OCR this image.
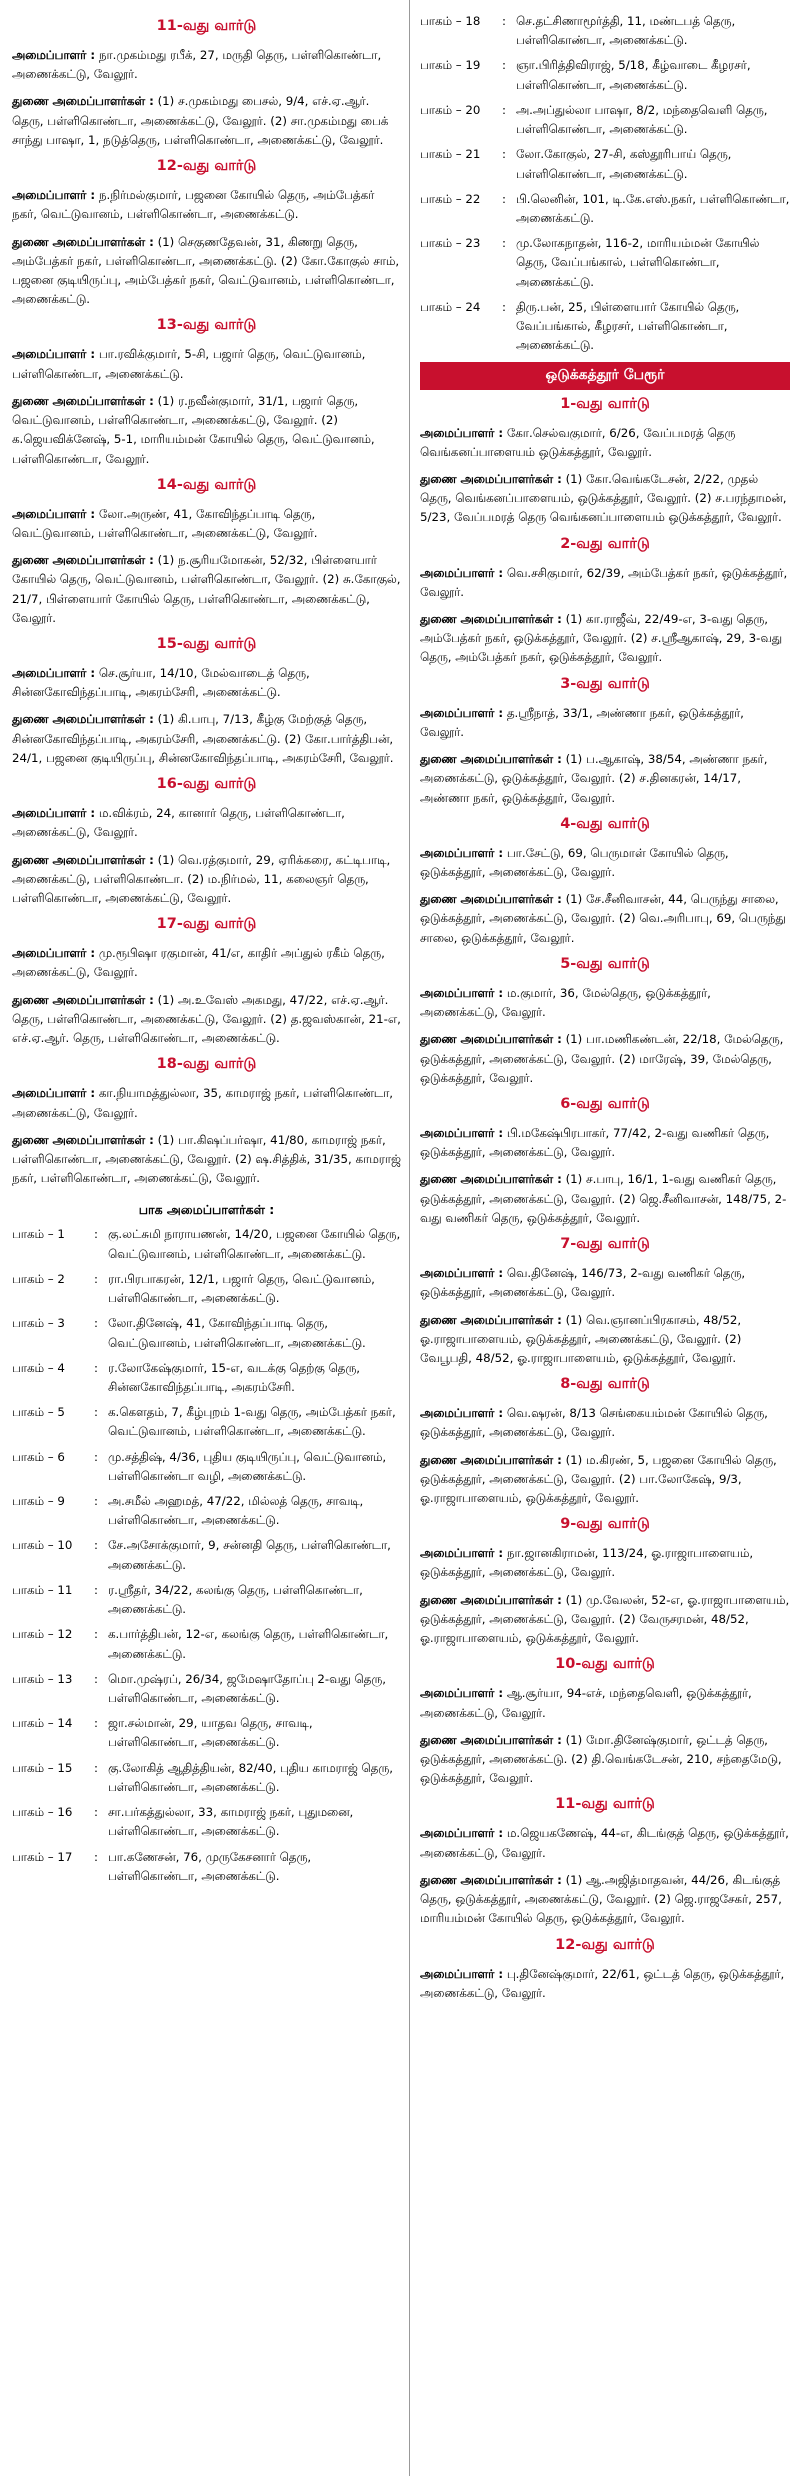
11-வது வார்டு
அமைப்பாளர் : நா.முகம்மது ரபீக், 27, மருதி தெரு, பள்ளிகொண்டா, அணைக்கட்டு, வேலூர்.
துணை அமைப்பாளர்கள் : (1) ச.முகம்மது பைசல், 9/4, எச்.ஏ.ஆர். தெரு, பள்ளிகொண்டா, அணைக்கட்டு, வேலூர். (2) சா.முகம்மது பைக் சாந்து பாஷா, 1, நடுத்தெரு, பள்ளிகொண்டா, அணைக்கட்டு, வேலூர்.
12-வது வார்டு
அமைப்பாளர் : ந.நிர்மல்குமார், பஜனை கோயில் தெரு, அம்பேத்கர் நகர், வெட்டுவானம், பள்ளிகொண்டா, அணைக்கட்டு.
துணை அமைப்பாளர்கள் : (1) செகுணதேவன், 31, கிணறு தெரு, அம்பேத்கர் நகர், பள்ளிகொண்டா, அணைக்கட்டு. (2) கோ.கோகுல் சாம், பஜனை குடியிருப்பு, அம்பேத்கர் நகர், வெட்டுவானம், பள்ளிகொண்டா, அணைக்கட்டு.
13-வது வார்டு
அமைப்பாளர் : பா.ரவிக்குமார், 5-சி, பஜார் தெரு, வெட்டுவானம், பள்ளிகொண்டா, அணைக்கட்டு.
துணை அமைப்பாளர்கள் : (1) ர.நவீன்குமார், 31/1, பஜார் தெரு, வெட்டுவானம், பள்ளிகொண்டா, அணைக்கட்டு, வேலூர். (2) க.ஜெயவிக்னேஷ், 5-1, மாரியம்மன் கோயில் தெரு, வெட்டுவானம், பள்ளிகொண்டா, வேலூர்.
14-வது வார்டு
அமைப்பாளர் : லோ.அருண், 41, கோவிந்தப்பாடி தெரு, வெட்டுவானம், பள்ளிகொண்டா, அணைக்கட்டு, வேலூர்.
துணை அமைப்பாளர்கள் : (1) ந.சூரியமோகன், 52/32, பிள்ளையார் கோயில் தெரு, வெட்டுவானம், பள்ளிகொண்டா, வேலூர். (2) சு.கோகுல், 21/7, பிள்ளையார் கோயில் தெரு, பள்ளிகொண்டா, அணைக்கட்டு, வேலூர்.
15-வது வார்டு
அமைப்பாளர் : செ.சூர்யா, 14/10, மேல்வாடைத் தெரு, சின்னகோவிந்தப்பாடி, அகரம்சேரி, அணைக்கட்டு.
துணை அமைப்பாளர்கள் : (1) கி.பாபு, 7/13, கீழ்கு மேற்குத் தெரு, சின்னகோவிந்தப்பாடி, அகரம்சேரி, அணைக்கட்டு. (2) கோ.பார்த்திபன், 24/1, பஜனை குடியிருப்பு, சின்னகோவிந்தப்பாடி, அகரம்சேரி, வேலூர்.
16-வது வார்டு
அமைப்பாளர் : ம.விக்ரம், 24, கானார் தெரு, பள்ளிகொண்டா, அணைக்கட்டு, வேலூர்.
துணை அமைப்பாளர்கள் : (1) வெ.ரத்குமார், 29, ஏரிக்கரை, கட்டிபாடி, அணைக்கட்டு, பள்ளிகொண்டா. (2) ம.நிர்மல், 11, கலைஞர் தெரு, பள்ளிகொண்டா, அணைக்கட்டு, வேலூர்.
17-வது வார்டு
அமைப்பாளர் : மு.ரூபிஷா ரகுமான், 41/எ, காதிர் அப்துல் ரகீம் தெரு, அணைக்கட்டு, வேலூர்.
துணை அமைப்பாளர்கள் : (1) அ.உவேஸ் அகமது, 47/22, எச்.ஏ.ஆர். தெரு, பள்ளிகொண்டா, அணைக்கட்டு, வேலூர். (2) த.ஜவஸ்கான், 21-எ, எச்.ஏ.ஆர். தெரு, பள்ளிகொண்டா, அணைக்கட்டு.
18-வது வார்டு
அமைப்பாளர் : கா.நியாமத்துல்லா, 35, காமராஜ் நகர், பள்ளிகொண்டா, அணைக்கட்டு, வேலூர்.
துணை அமைப்பாளர்கள் : (1) பா.கிஷப்பர்ஷா, 41/80, காமராஜ் நகர், பள்ளிகொண்டா, அணைக்கட்டு, வேலூர். (2) ஷ.சித்திக், 31/35, காமராஜ் நகர், பள்ளிகொண்டா, அணைக்கட்டு, வேலூர்.
பாக அமைப்பாளர்கள் :
பாகம் – 1	: கு.லட்சுமி நாராயணன், 14/20, பஜனை கோயில் தெரு, வெட்டுவானம், பள்ளிகொண்டா, அணைக்கட்டு.
பாகம் – 2	: ரா.பிரபாகரன், 12/1, பஜார் தெரு, வெட்டுவானம், பள்ளிகொண்டா, அணைக்கட்டு.
பாகம் – 3	: லோ.தினேஷ், 41, கோவிந்தப்பாடி தெரு, வெட்டுவானம், பள்ளிகொண்டா, அணைக்கட்டு.
பாகம் – 4	: ர.லோகேஷ்குமார், 15-எ, வடக்கு தெற்கு தெரு, சின்னகோவிந்தப்பாடி, அகரம்சேரி.
பாகம் – 5	: க.கௌதம், 7, கீழ்புறம் 1-வது தெரு, அம்பேத்கர் நகர், வெட்டுவானம், பள்ளிகொண்டா, அணைக்கட்டு.
பாகம் – 6	: மு.சத்திஷ், 4/36, புதிய குடியிருப்பு, வெட்டுவானம், பள்ளிகொண்டா வழி, அணைக்கட்டு.
பாகம் – 9	: அ.சமீல் அஹமத், 47/22, மில்லத் தெரு, சாவடி, பள்ளிகொண்டா, அணைக்கட்டு.
பாகம் – 10	: சே.அசோக்குமார், 9, சன்னதி தெரு, பள்ளிகொண்டா, அணைக்கட்டு.
பாகம் – 11	: ர.ஸ்ரீதர், 34/22, கலங்கு தெரு, பள்ளிகொண்டா, அணைக்கட்டு.
பாகம் – 12	: க.பார்த்திபன், 12-எ, கலங்கு தெரு, பள்ளிகொண்டா, அணைக்கட்டு.
பாகம் – 13	: மொ.முஷ்ரப், 26/34, ஜமேஷாதோப்பு 2-வது தெரு, பள்ளிகொண்டா, அணைக்கட்டு.
பாகம் – 14	: ஜா.சல்மான், 29, யாதவ தெரு, சாவடி, பள்ளிகொண்டா, அணைக்கட்டு.
பாகம் – 15	: கு.லோகித் ஆதித்தியன், 82/40, புதிய காமராஜ் தெரு, பள்ளிகொண்டா, அணைக்கட்டு.
பாகம் – 16	: சா.பர்கத்துல்லா, 33, காமராஜ் நகர், புதுமனை, பள்ளிகொண்டா, அணைக்கட்டு.
பாகம் – 17	: பா.கணேசன், 76, முருகேசனார் தெரு, பள்ளிகொண்டா, அணைக்கட்டு.
பாகம் – 18	: செ.தட்சிணாமூர்த்தி, 11, மண்டபத் தெரு, பள்ளிகொண்டா, அணைக்கட்டு.
பாகம் – 19	: ஞா.பிரித்திவிராஜ், 5/18, கீழ்வாடை கீழரசர், பள்ளிகொண்டா, அணைக்கட்டு.
பாகம் – 20	: அ.அப்துல்லா பாஷா, 8/2, மந்தைவெளி தெரு, பள்ளிகொண்டா, அணைக்கட்டு.
பாகம் – 21	: லோ.கோகுல், 27-சி, கஸ்தூரிபாய் தெரு, பள்ளிகொண்டா, அணைக்கட்டு.
பாகம் – 22	: பி.லெனின், 101, டி.கே.எஸ்.நகர், பள்ளிகொண்டா, அணைக்கட்டு.
பாகம் – 23	: மு.லோகநாதன், 116-2, மாரியம்மன் கோயில் தெரு, வேப்பங்கால், பள்ளிகொண்டா, அணைக்கட்டு.
பாகம் – 24	: திரு.பன், 25, பிள்ளையார் கோயில் தெரு, வேப்பங்கால், கீழரசர், பள்ளிகொண்டா, அணைக்கட்டு.
ஒடுக்கத்தூர் பேரூர்
1-வது வார்டு
அமைப்பாளர் : கோ.செல்வகுமார், 6/26, வேப்பமரத் தெரு வெங்கனப்பாளையம் ஒடுக்கத்தூர், வேலூர்.
துணை அமைப்பாளர்கள் : (1) கோ.வெங்கடேசன், 2/22, முதல் தெரு, வெங்கனப்பாளையம், ஒடுக்கத்தூர், வேலூர். (2) ச.பரந்தாமன், 5/23, வேப்பமரத் தெரு வெங்கனப்பாளையம் ஒடுக்கத்தூர், வேலூர்.
2-வது வார்டு
அமைப்பாளர் : வெ.சசிகுமார், 62/39, அம்பேத்கர் நகர், ஒடுக்கத்தூர், வேலூர்.
துணை அமைப்பாளர்கள் : (1) கா.ராஜீவ், 22/49-எ, 3-வது தெரு, அம்பேத்கர் நகர், ஒடுக்கத்தூர், வேலூர். (2) ச.ஸ்ரீஆகாஷ், 29, 3-வது தெரு, அம்பேத்கர் நகர், ஒடுக்கத்தூர், வேலூர்.
3-வது வார்டு
அமைப்பாளர் : த.ஸ்ரீநாத், 33/1, அண்ணா நகர், ஒடுக்கத்தூர், வேலூர்.
துணை அமைப்பாளர்கள் : (1) ப.ஆகாஷ், 38/54, அண்ணா நகர், அணைக்கட்டு, ஒடுக்கத்தூர், வேலூர். (2) ச.தினகரன், 14/17, அண்ணா நகர், ஒடுக்கத்தூர், வேலூர்.
4-வது வார்டு
அமைப்பாளர் : பா.சேட்டு, 69, பெருமாள் கோயில் தெரு, ஒடுக்கத்தூர், அணைக்கட்டு, வேலூர்.
துணை அமைப்பாளர்கள் : (1) சே.சீனிவாசன், 44, பெருந்து சாலை, ஒடுக்கத்தூர், அணைக்கட்டு, வேலூர். (2) வெ.அரிபாபு, 69, பெருந்து சாலை, ஒடுக்கத்தூர், வேலூர்.
5-வது வார்டு
அமைப்பாளர் : ம.குமார், 36, மேல்தெரு, ஒடுக்கத்தூர், அணைக்கட்டு, வேலூர்.
துணை அமைப்பாளர்கள் : (1) பா.மணிகண்டன், 22/18, மேல்தெரு, ஒடுக்கத்தூர், அணைக்கட்டு, வேலூர். (2) மாரேஷ், 39, மேல்தெரு, ஒடுக்கத்தூர், வேலூர்.
6-வது வார்டு
அமைப்பாளர் : பி.மகேஷ்பிரபாகர், 77/42, 2-வது வணிகர் தெரு, ஒடுக்கத்தூர், அணைக்கட்டு, வேலூர்.
துணை அமைப்பாளர்கள் : (1) ச.பாபு, 16/1, 1-வது வணிகர் தெரு, ஒடுக்கத்தூர், அணைக்கட்டு, வேலூர். (2) ஜெ.சீனிவாசன், 148/75, 2-வது வணிகர் தெரு, ஒடுக்கத்தூர், வேலூர்.
7-வது வார்டு
அமைப்பாளர் : வெ.தினேஷ், 146/73, 2-வது வணிகர் தெரு, ஒடுக்கத்தூர், அணைக்கட்டு, வேலூர்.
துணை அமைப்பாளர்கள் : (1) வெ.ஞானப்பிரகாசம், 48/52, ஓ.ராஜாபாளையம், ஒடுக்கத்தூர், அணைக்கட்டு, வேலூர். (2) வேபூபதி, 48/52, ஓ.ராஜாபாளையம், ஒடுக்கத்தூர், வேலூர்.
8-வது வார்டு
அமைப்பாளர் : வெ.ஷரன், 8/13 செங்கையம்மன் கோயில் தெரு, ஒடுக்கத்தூர், அணைக்கட்டு, வேலூர்.
துணை அமைப்பாளர்கள் : (1) ம.கிரண், 5, பஜனை கோயில் தெரு, ஒடுக்கத்தூர், அணைக்கட்டு, வேலூர். (2) பா.லோகேஷ், 9/3, ஓ.ராஜாபாளையம், ஒடுக்கத்தூர், வேலூர்.
9-வது வார்டு
அமைப்பாளர் : நா.ஜானகிராமன், 113/24, ஓ.ராஜாபாளையம், ஒடுக்கத்தூர், அணைக்கட்டு, வேலூர்.
துணை அமைப்பாளர்கள் : (1) மு.வேலன், 52-எ, ஓ.ராஜாபாளையம், ஒடுக்கத்தூர், அணைக்கட்டு, வேலூர். (2) வேருசரமன், 48/52, ஓ.ராஜாபாளையம், ஒடுக்கத்தூர், வேலூர்.
10-வது வார்டு
அமைப்பாளர் : ஆ.சூர்யா, 94-எச், மந்தைவெளி, ஒடுக்கத்தூர், அணைக்கட்டு, வேலூர்.
துணை அமைப்பாளர்கள் : (1) மோ.தினேஷ்குமார், ஒட்டத் தெரு, ஒடுக்கத்தூர், அணைக்கட்டு. (2) தி.வெங்கடேசன், 210, சந்தைமேடு, ஒடுக்கத்தூர், வேலூர்.
11-வது வார்டு
அமைப்பாளர் : ம.ஜெயகணேஷ், 44-எ, கிடங்குத் தெரு, ஒடுக்கத்தூர், அணைக்கட்டு, வேலூர்.
துணை அமைப்பாளர்கள் : (1) ஆ.அஜித்மாதவன், 44/26, கிடங்குத் தெரு, ஒடுக்கத்தூர், அணைக்கட்டு, வேலூர். (2) ஜெ.ராஜசேகர், 257, மாரியம்மன் கோயில் தெரு, ஒடுக்கத்தூர், வேலூர்.
12-வது வார்டு
அமைப்பாளர் : பு.தினேஷ்குமார், 22/61, ஒட்டத் தெரு, ஒடுக்கத்தூர், அணைக்கட்டு, வேலூர்.
